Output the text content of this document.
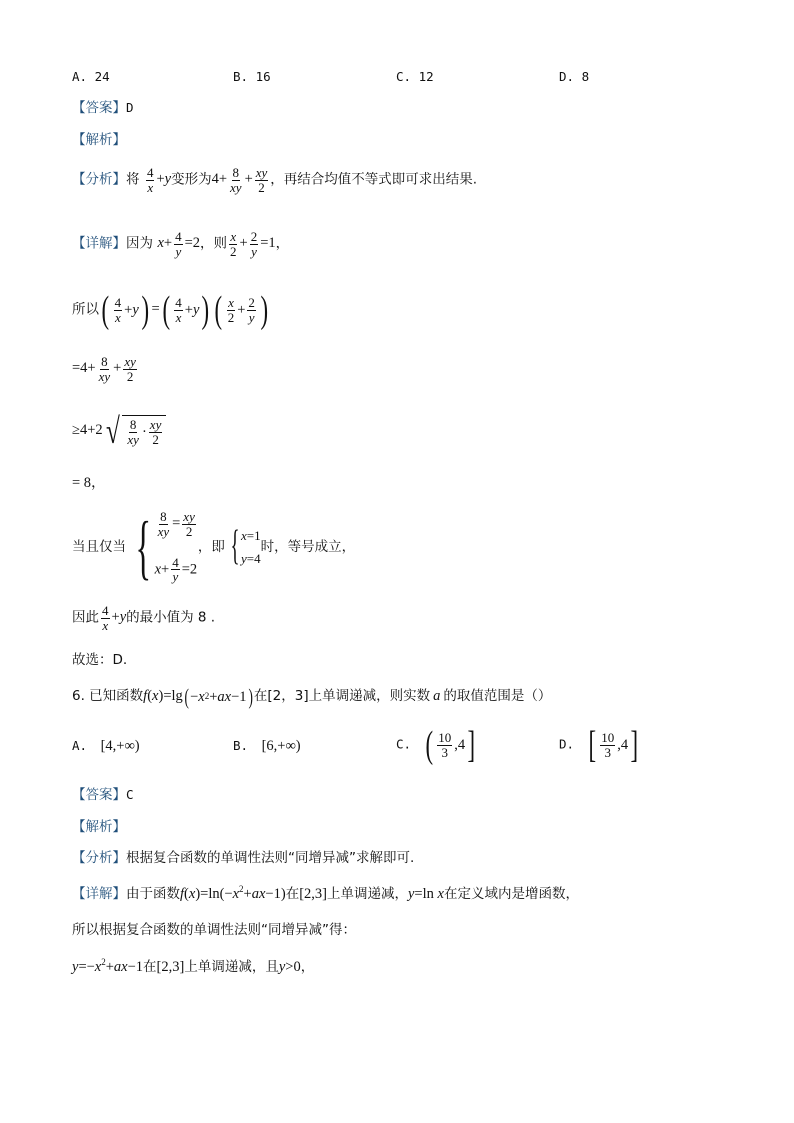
A. 24	B. 16	C. 12	D. 8
【答案】D
【解析】
【分析】将 $\frac{4}{x} +y$变形为$4+ \frac{8}{xy} + \frac{xy}{2}$ ，再结合均值不等式即可求出结果.
【详解】因为 $x+ \frac{4}{y} =2$，则 $\frac{x}{2} + \frac{2}{y} =1$，
所以 ( $\frac{4}{x} + y$ ) = ( $\frac{4}{x} + y$ ) ( $\frac{x}{2} + \frac{2}{y}$ )
$=4+ \frac{8}{xy} + \frac{xy}{2}$
≥4+2 √ $\frac{8}{xy} \cdot \frac{xy}{2}$
= 8，
当且仅当 { $\frac{8}{xy} = \frac{xy}{2}$
$x+ \frac{4}{y} =2$
，即 { x=1
y=4
时，等号成立，
因此 $\frac{4}{x} +y$的最小值为 8 .
故选：D.
6. 已知函数f(x)=lg ( − x 2 + ax −1 ) 在[2，3]上单调递减，则实数 a 的取值范围是（）
A. [4,+∞)	B. [6,+∞)	C. ( $\frac{10}{3} ,4$ ]	D. [ $\frac{10}{3} ,4$ ]
【答案】C
【解析】
【分析】根据复合函数的单调性法则“同增异减”求解即可.
【详解】由于函数$f(x)=\ln(-x^2+ax-1)$在[2,3]上单调递减，y=ln x在定义域内是增函数，
所以根据复合函数的单调性法则“同增异减”得：
$y=-x^2+ax-1$在[2,3]上单调递减，且y>0，
